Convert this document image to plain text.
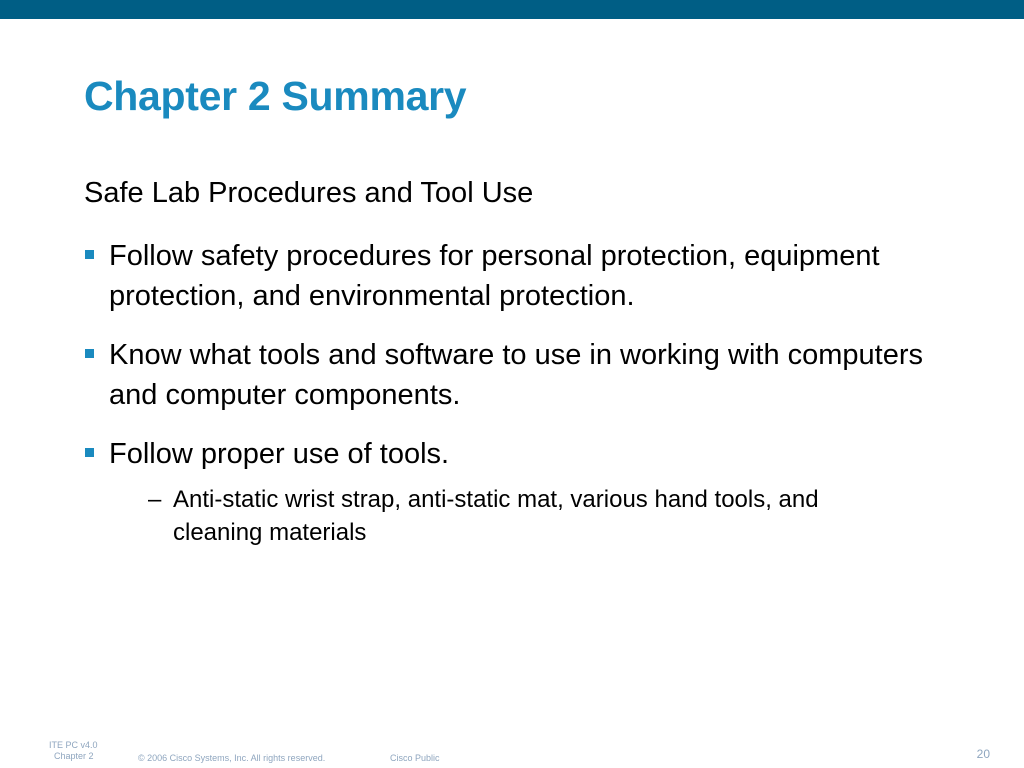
Chapter 2 Summary
Safe Lab Procedures and Tool Use
Follow safety procedures for personal protection, equipment protection, and environmental protection.
Know what tools and software to use in working with computers and computer components.
Follow proper use of tools.
– Anti-static wrist strap, anti-static mat, various hand tools, and cleaning materials
ITE PC v4.0
Chapter 2	© 2006 Cisco Systems, Inc. All rights reserved.	Cisco Public	20
